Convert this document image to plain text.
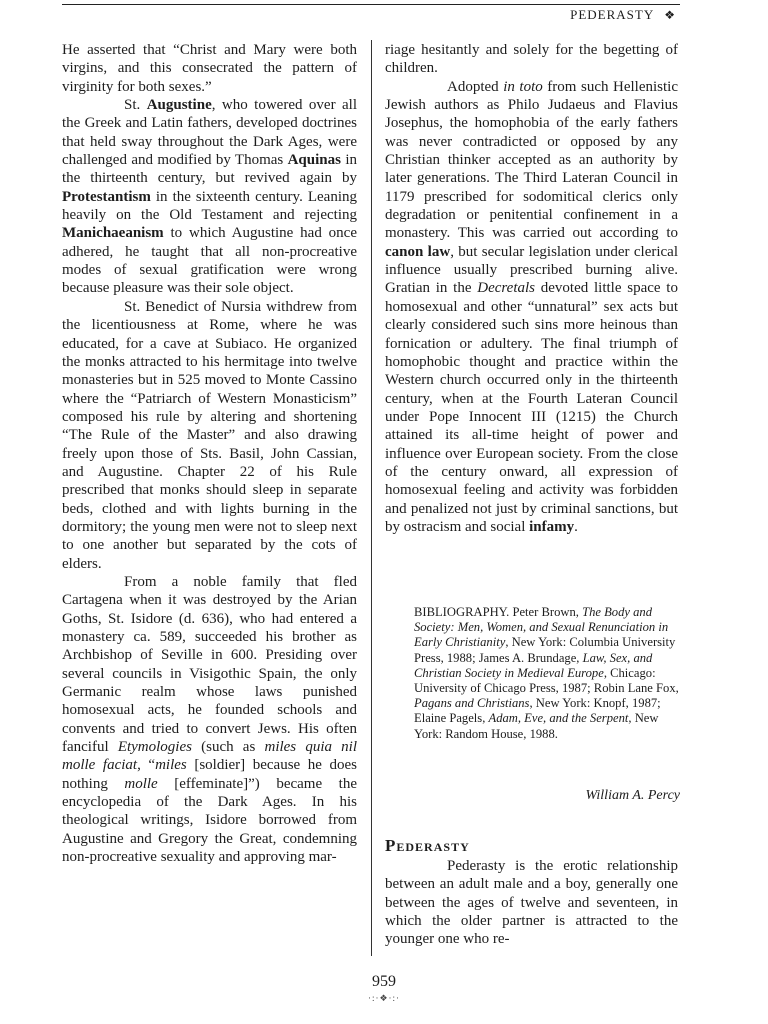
PEDERASTY ❖

He asserted that “Christ and Mary were both virgins, and this consecrated the pattern of virginity for both sexes.”

St. Augustine, who towered over all the Greek and Latin fathers, developed doctrines that held sway throughout the Dark Ages, were challenged and modified by Thomas Aquinas in the thirteenth century, but revived again by Protestantism in the sixteenth century. Leaning heavily on the Old Testament and rejecting Manichaeanism to which Augustine had once adhered, he taught that all non-procreative modes of sexual gratification were wrong because pleasure was their sole object.

St. Benedict of Nursia withdrew from the licentiousness at Rome, where he was educated, for a cave at Subiaco. He organized the monks attracted to his hermitage into twelve monasteries but in 525 moved to Monte Cassino where the “Patriarch of Western Monasticism” composed his rule by altering and shortening “The Rule of the Master” and also drawing freely upon those of Sts. Basil, John Cassian, and Augustine. Chapter 22 of his Rule prescribed that monks should sleep in separate beds, clothed and with lights burning in the dormitory; the young men were not to sleep next to one another but separated by the cots of elders.

From a noble family that fled Cartagena when it was destroyed by the Arian Goths, St. Isidore (d. 636), who had entered a monastery ca. 589, succeeded his brother as Archbishop of Seville in 600. Presiding over several councils in Visigothic Spain, the only Germanic realm whose laws punished homosexual acts, he founded schools and convents and tried to convert Jews. His often fanciful Etymologies (such as miles quia nil molle faciat, “miles [soldier] because he does nothing molle [effeminate]”) became the encyclopedia of the Dark Ages. In his theological writings, Isidore borrowed from Augustine and Gregory the Great, condemning non-procreative sexuality and approving mar-

riage hesitantly and solely for the begetting of children.

Adopted in toto from such Hellenistic Jewish authors as Philo Judaeus and Flavius Josephus, the homophobia of the early fathers was never contradicted or opposed by any Christian thinker accepted as an authority by later generations. The Third Lateran Council in 1179 prescribed for sodomitical clerics only degradation or penitential confinement in a monastery. This was carried out according to canon law, but secular legislation under clerical influence usually prescribed burning alive. Gratian in the Decretals devoted little space to homosexual and other “unnatural” sex acts but clearly considered such sins more heinous than fornication or adultery. The final triumph of homophobic thought and practice within the Western church occurred only in the thirteenth century, when at the Fourth Lateran Council under Pope Innocent III (1215) the Church attained its all-time height of power and influence over European society. From the close of the century onward, all expression of homosexual feeling and activity was forbidden and penalized not just by criminal sanctions, but by ostracism and social infamy.

BIBLIOGRAPHY. Peter Brown, The Body and Society: Men, Women, and Sexual Renunciation in Early Christianity, New York: Columbia University Press, 1988; James A. Brundage, Law, Sex, and Christian Society in Medieval Europe, Chicago: University of Chicago Press, 1987; Robin Lane Fox, Pagans and Christians, New York: Knopf, 1987; Elaine Pagels, Adam, Eve, and the Serpent, New York: Random House, 1988.
William A. Percy
Pederasty

Pederasty is the erotic relationship between an adult male and a boy, generally one between the ages of twelve and seventeen, in which the older partner is attracted to the younger one who re-

959
·:·❖·:·
